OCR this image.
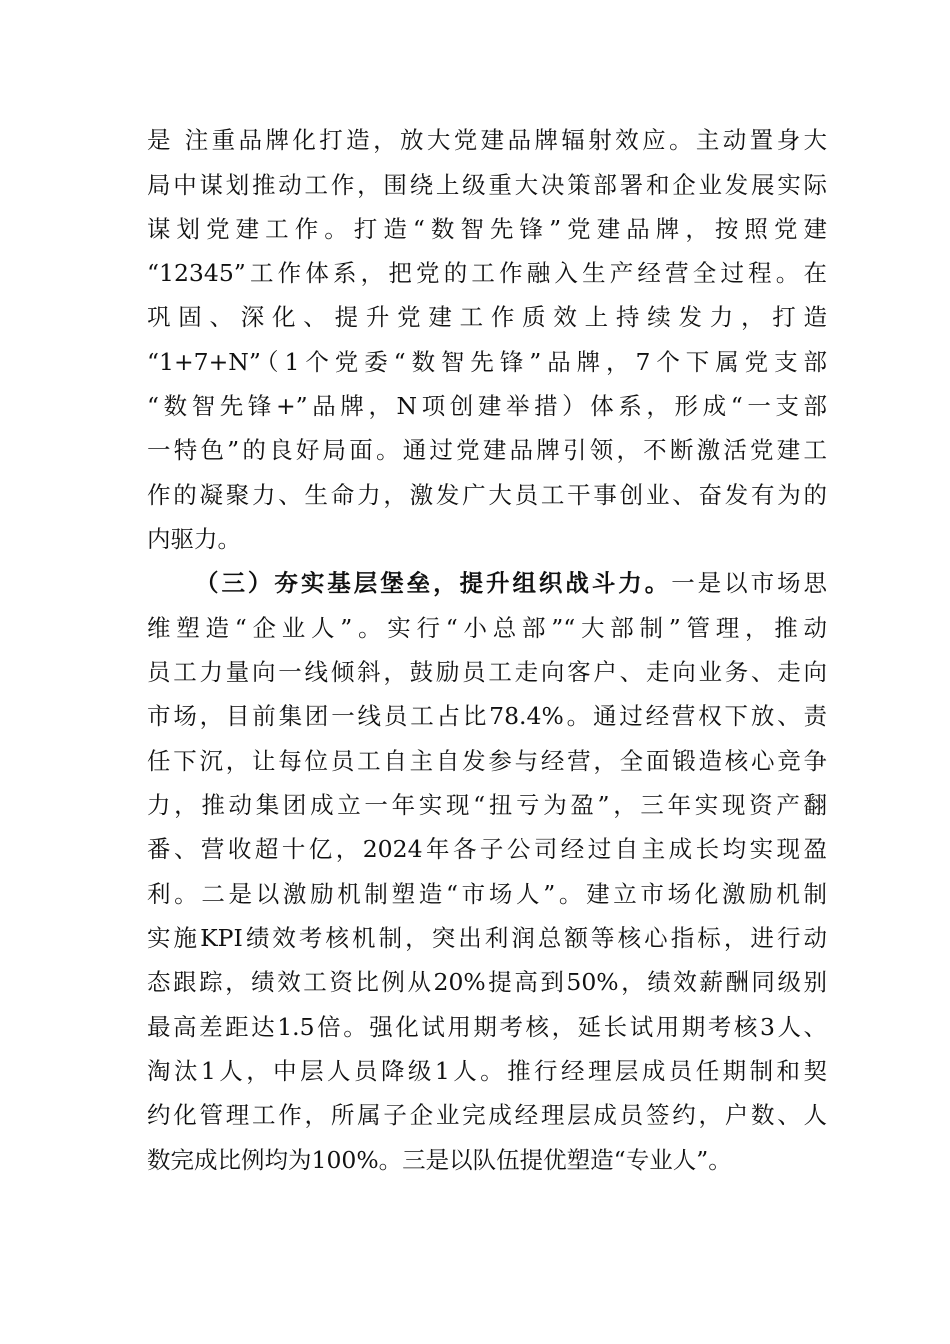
是 注重品牌化打造，放大党建品牌辐射效应。主动置身大
局中谋划推动工作，围绕上级重大决策部署和企业发展实际
谋划党建工作。打造“数智先锋”党建品牌，按照党建
“12345”工作体系，把党的工作融入生产经营全过程。在
巩固、深化、提升党建工作质效上持续发力，打造
“1+7+N”（1个党委“数智先锋”品牌，7个下属党支部
“数智先锋+”品牌，N项创建举措）体系，形成“一支部
一特色”的良好局面。通过党建品牌引领，不断激活党建工
作的凝聚力、生命力，激发广大员工干事创业、奋发有为的
内驱力。
（三）夯实基层堡垒，提升组织战斗力。一是以市场思
维塑造“企业人”。实行“小总部”“大部制”管理，推动
员工力量向一线倾斜，鼓励员工走向客户、走向业务、走向
市场，目前集团一线员工占比78.4%。通过经营权下放、责
任下沉，让每位员工自主自发参与经营，全面锻造核心竞争
力，推动集团成立一年实现“扭亏为盈”，三年实现资产翻
番、营收超十亿，2024年各子公司经过自主成长均实现盈
利。二是以激励机制塑造“市场人”。建立市场化激励机制
实施KPI绩效考核机制，突出利润总额等核心指标，进行动
态跟踪，绩效工资比例从20%提高到50%，绩效薪酬同级别
最高差距达1.5倍。强化试用期考核，延长试用期考核3人、
淘汰1人，中层人员降级1人。推行经理层成员任期制和契
约化管理工作，所属子企业完成经理层成员签约，户数、人
数完成比例均为100%。三是以队伍提优塑造“专业人”。
